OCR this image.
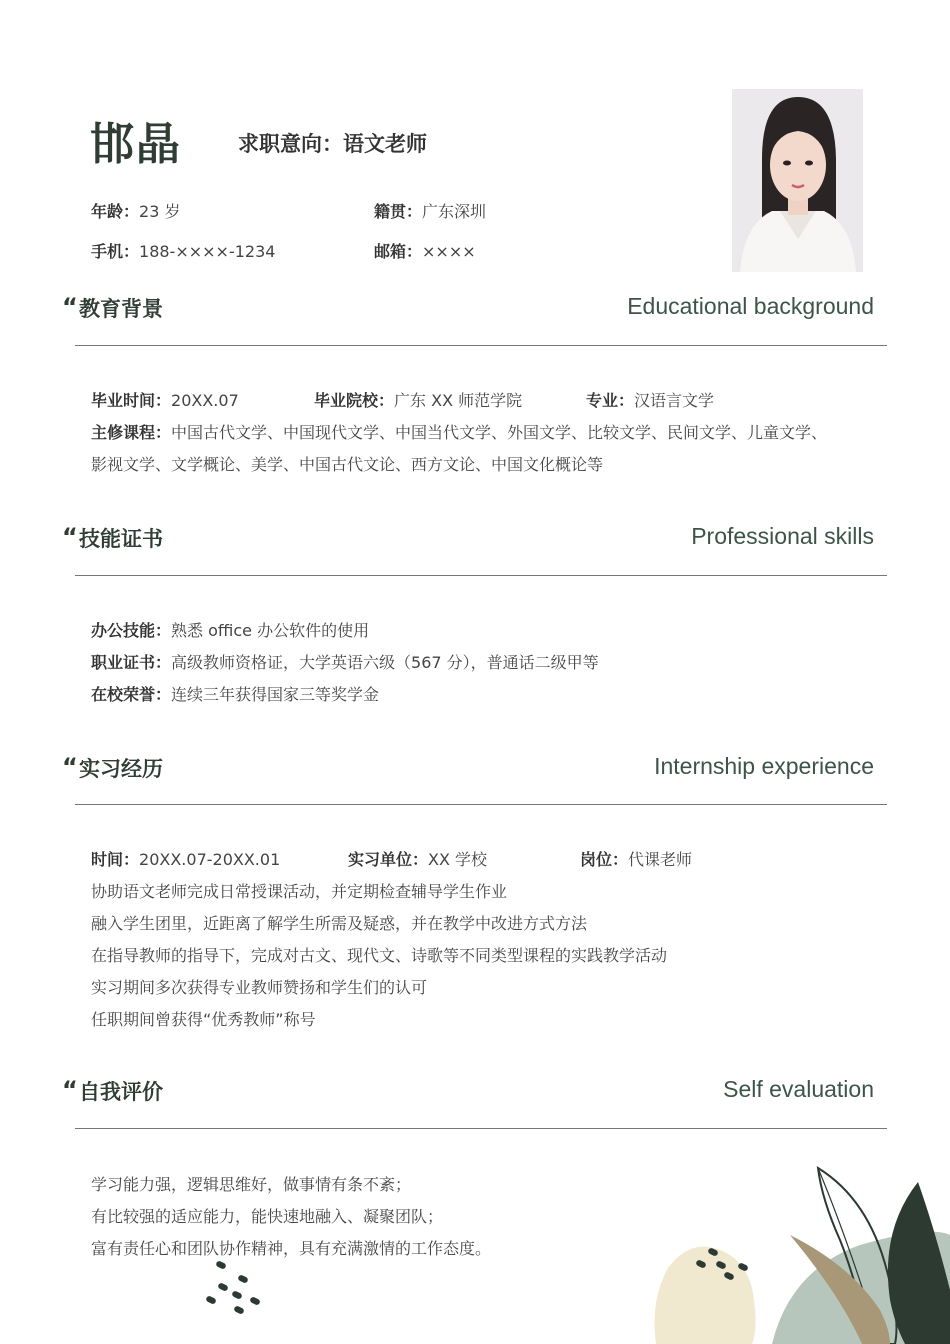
邯晶	求职意向：语文老师
年龄：23 岁	籍贯：广东深圳
手机：188-××××-1234	邮箱：××××
“ 教育背景	Educational background
毕业时间：20XX.07	毕业院校：广东 XX 师范学院	专业：汉语言文学
主修课程：中国古代文学、中国现代文学、中国当代文学、外国文学、比较文学、民间文学、儿童文学、
影视文学、文学概论、美学、中国古代文论、西方文论、中国文化概论等
“ 技能证书	Professional skills
办公技能：熟悉 office 办公软件的使用
职业证书：高级教师资格证，大学英语六级（567 分），普通话二级甲等
在校荣誉：连续三年获得国家三等奖学金
“ 实习经历	Internship experience
时间：20XX.07-20XX.01	实习单位：XX 学校	岗位：代课老师
协助语文老师完成日常授课活动，并定期检查辅导学生作业
融入学生团里，近距离了解学生所需及疑惑，并在教学中改进方式方法
在指导教师的指导下，完成对古文、现代文、诗歌等不同类型课程的实践教学活动
实习期间多次获得专业教师赞扬和学生们的认可
任职期间曾获得“优秀教师”称号
“ 自我评价	Self evaluation
学习能力强，逻辑思维好，做事情有条不紊；
有比较强的适应能力，能快速地融入、凝聚团队；
富有责任心和团队协作精神，具有充满激情的工作态度。
